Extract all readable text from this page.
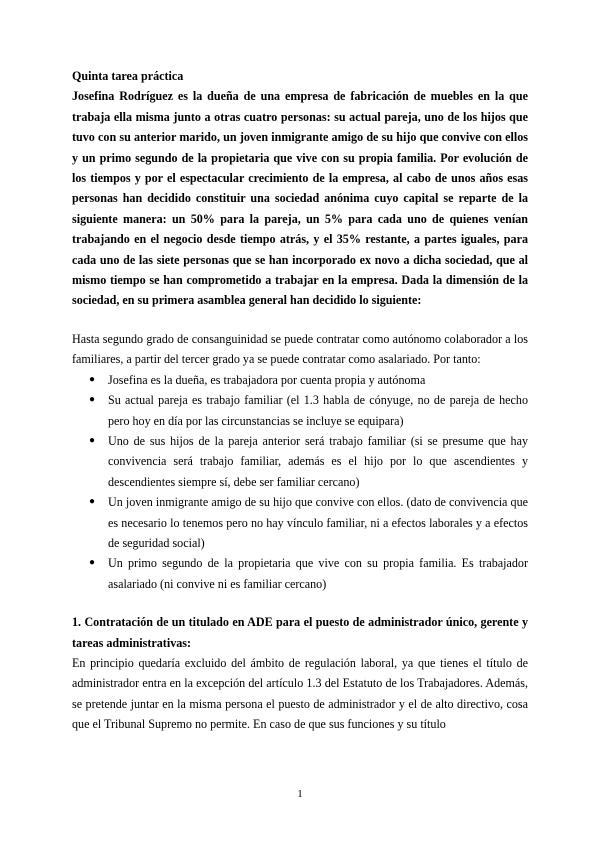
Quinta tarea práctica

Josefina Rodríguez es la dueña de una empresa de fabricación de muebles en la que trabaja ella misma junto a otras cuatro personas: su actual pareja, uno de los hijos que tuvo con su anterior marido, un joven inmigrante amigo de su hijo que convive con ellos y un primo segundo de la propietaria que vive con su propia familia. Por evolución de los tiempos y por el espectacular crecimiento de la empresa, al cabo de unos años esas personas han decidido constituir una sociedad anónima cuyo capital se reparte de la siguiente manera: un 50% para la pareja, un 5% para cada uno de quienes venían trabajando en el negocio desde tiempo atrás, y el 35% restante, a partes iguales, para cada uno de las siete personas que se han incorporado ex novo a dicha sociedad, que al mismo tiempo se han comprometido a trabajar en la empresa. Dada la dimensión de la sociedad, en su primera asamblea general han decidido lo siguiente:

Hasta segundo grado de consanguinidad se puede contratar como autónomo colaborador a los familiares, a partir del tercer grado ya se puede contratar como asalariado. Por tanto:

● Josefina es la dueña, es trabajadora por cuenta propia y autónoma
● Su actual pareja es trabajo familiar (el 1.3 habla de cónyuge, no de pareja de hecho pero hoy en día por las circunstancias se incluye se equipara)
● Uno de sus hijos de la pareja anterior será trabajo familiar (si se presume que hay convivencia será trabajo familiar, además es el hijo por lo que ascendientes y descendientes siempre sí, debe ser familiar cercano)
● Un joven inmigrante amigo de su hijo que convive con ellos. (dato de convivencia que es necesario lo tenemos pero no hay vínculo familiar, ni a efectos laborales y a efectos de seguridad social)
● Un primo segundo de la propietaria que vive con su propia familia. Es trabajador asalariado (ni convive ni es familiar cercano)

1. Contratación de un titulado en ADE para el puesto de administrador único, gerente y tareas administrativas:

En principio quedaría excluido del ámbito de regulación laboral, ya que tienes el título de administrador entra en la excepción del artículo 1.3 del Estatuto de los Trabajadores. Además, se pretende juntar en la misma persona el puesto de administrador y el de alto directivo, cosa que el Tribunal Supremo no permite. En caso de que sus funciones y su título

1
